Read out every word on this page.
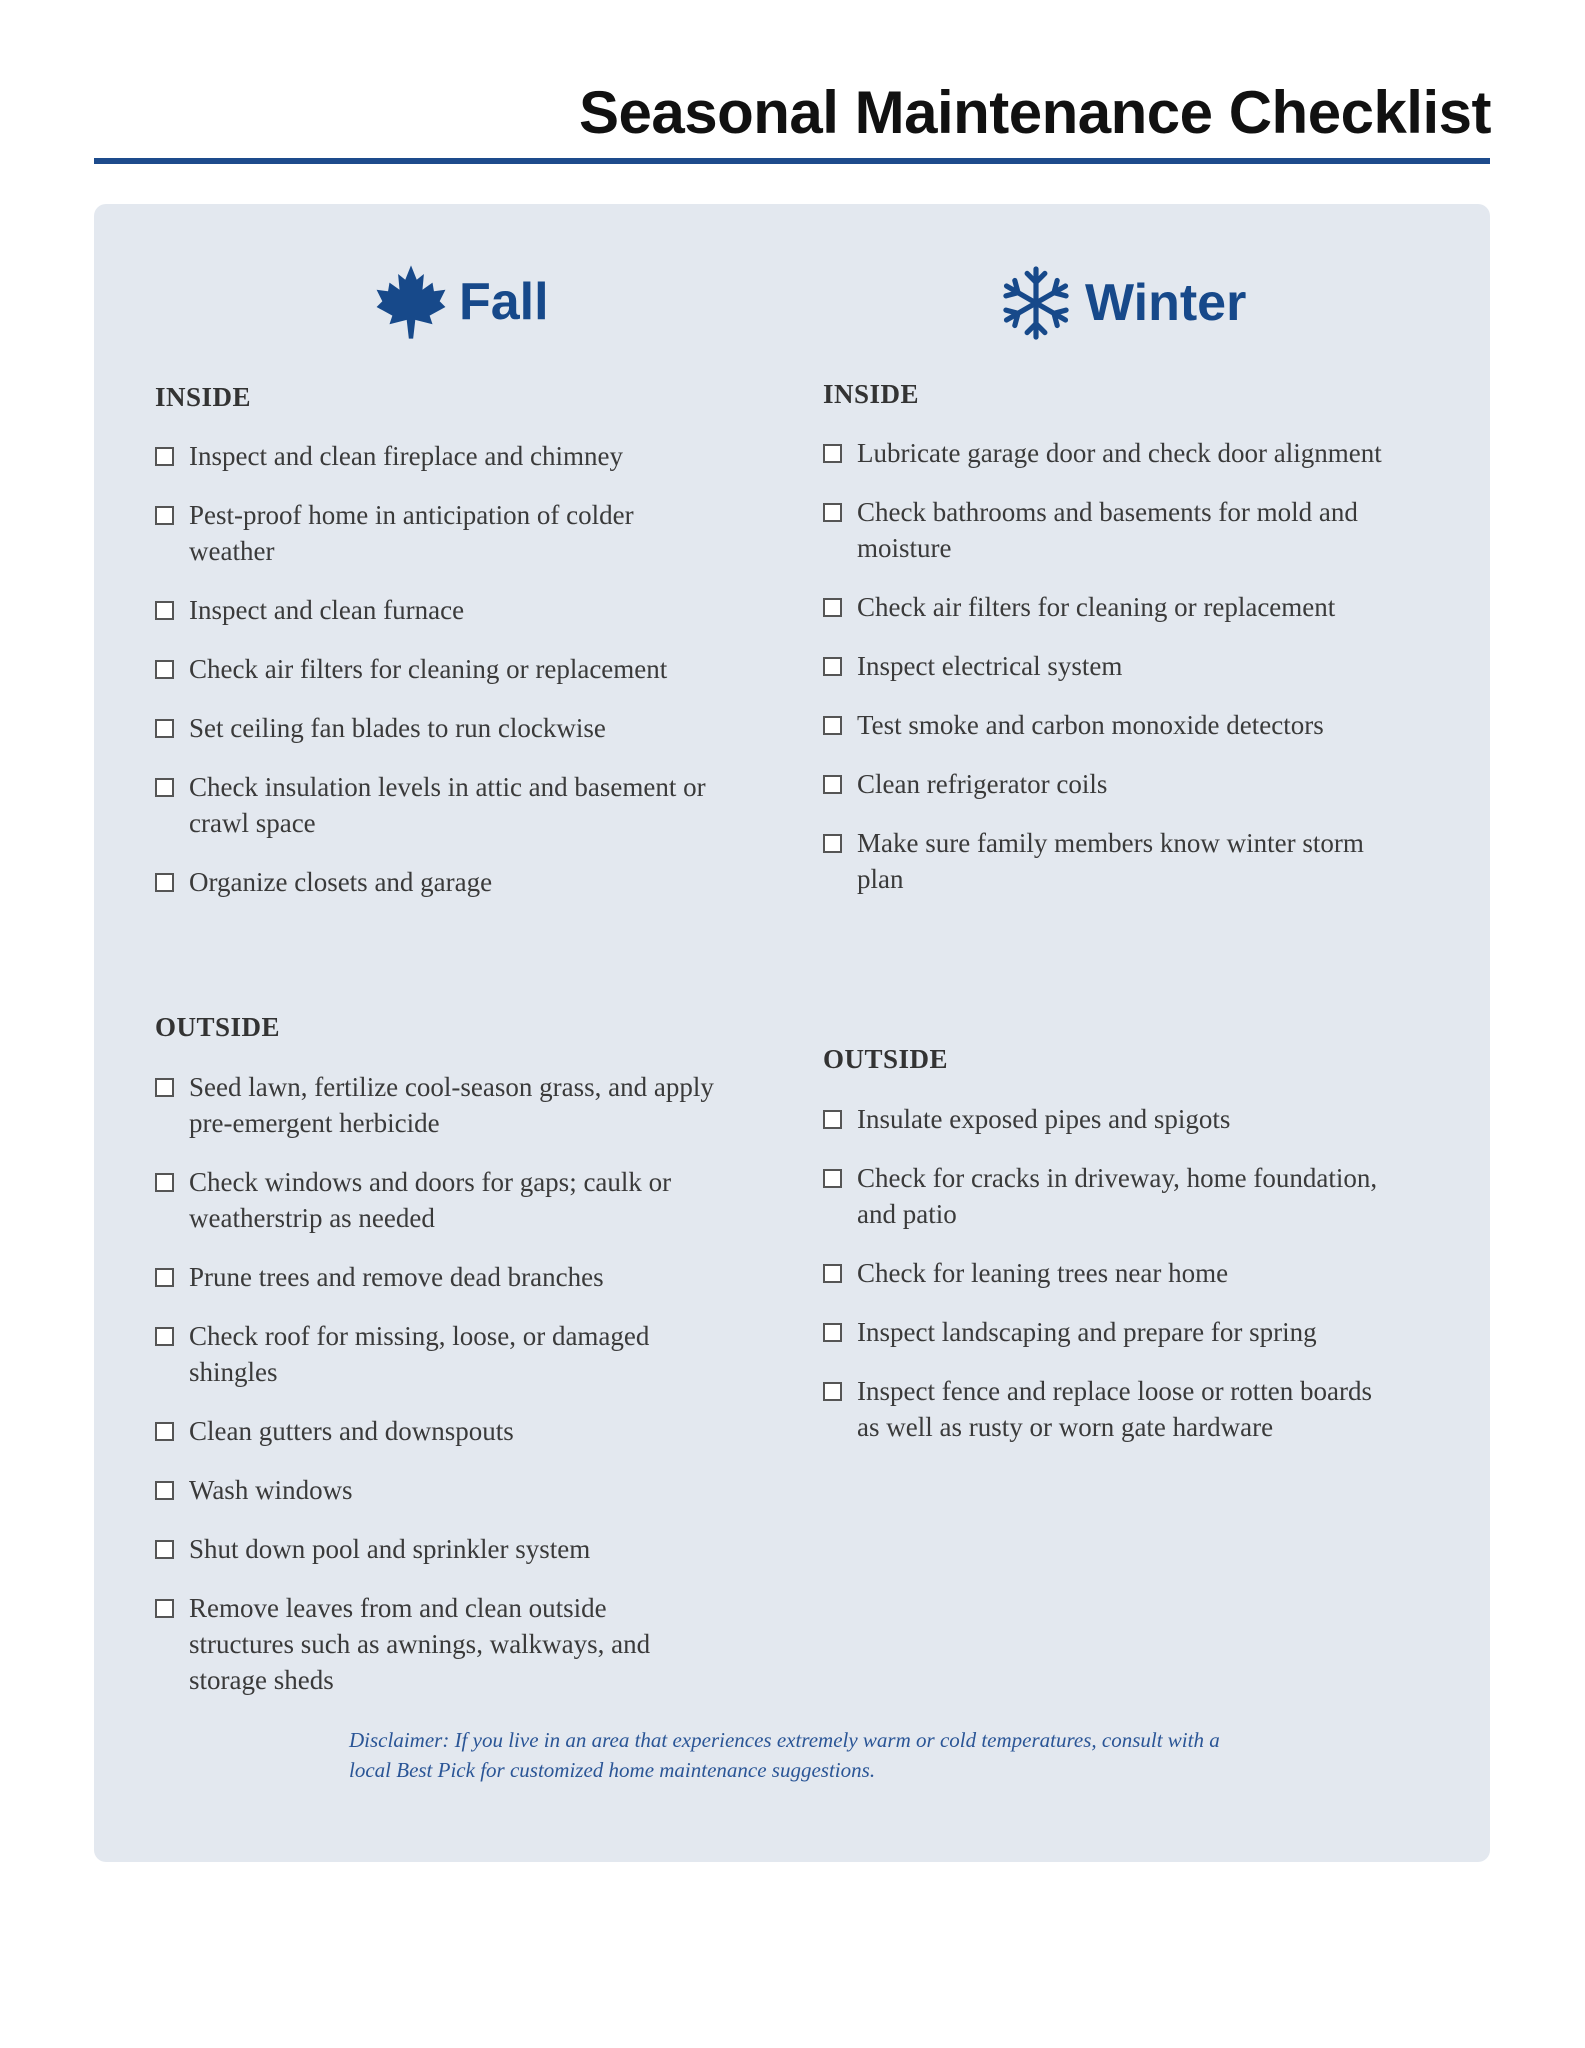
Seasonal Maintenance Checklist
Fall
INSIDE
Inspect and clean fireplace and chimney
Pest-proof home in anticipation of colder weather
Inspect and clean furnace
Check air filters for cleaning or replacement
Set ceiling fan blades to run clockwise
Check insulation levels in attic and basement or crawl space
Organize closets and garage
OUTSIDE
Seed lawn, fertilize cool-season grass, and apply pre-emergent herbicide
Check windows and doors for gaps; caulk or weatherstrip as needed
Prune trees and remove dead branches
Check roof for missing, loose, or damaged shingles
Clean gutters and downspouts
Wash windows
Shut down pool and sprinkler system
Remove leaves from and clean outside structures such as awnings, walkways, and storage sheds
Winter
INSIDE
Lubricate garage door and check door alignment
Check bathrooms and basements for mold and moisture
Check air filters for cleaning or replacement
Inspect electrical system
Test smoke and carbon monoxide detectors
Clean refrigerator coils
Make sure family members know winter storm plan
OUTSIDE
Insulate exposed pipes and spigots
Check for cracks in driveway, home foundation, and patio
Check for leaning trees near home
Inspect landscaping and prepare for spring
Inspect fence and replace loose or rotten boards as well as rusty or worn gate hardware
Disclaimer: If you live in an area that experiences extremely warm or cold temperatures, consult with a local Best Pick for customized home maintenance suggestions.
